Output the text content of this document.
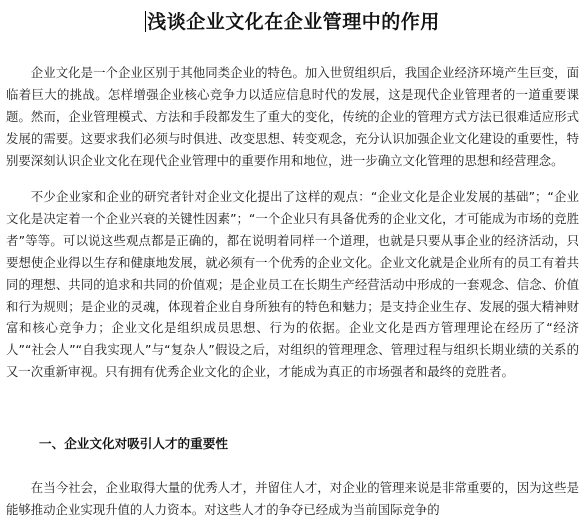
浅谈企业文化在企业管理中的作用

企业文化是一个企业区别于其他同类企业的特色。加入世贸组织后，我国企业经济环境产生巨变，面临着巨大的挑战。怎样增强企业核心竞争力以适应信息时代的发展，这是现代企业管理者的一道重要课题。然而，企业管理模式、方法和手段都发生了重大的变化，传统的企业的管理方式方法已很难适应形式发展的需要。这要求我们必须与时俱进、改变思想、转变观念，充分认识加强企业文化建设的重要性，特别要深刻认识企业文化在现代企业管理中的重要作用和地位，进一步确立文化管理的思想和经营理念。

不少企业家和企业的研究者针对企业文化提出了这样的观点：“企业文化是企业发展的基础”；“企业文化是决定着一个企业兴衰的关键性因素”；“一个企业只有具备优秀的企业文化，才可能成为市场的竞胜者”等等。可以说这些观点都是正确的，都在说明着同样一个道理，也就是只要从事企业的经济活动，只要想使企业得以生存和健康地发展，就必须有一个优秀的企业文化。企业文化就是企业所有的员工有着共同的理想、共同的追求和共同的价值观；是企业员工在长期生产经营活动中形成的一套观念、信念、价值和行为规则；是企业的灵魂，体现着企业自身所独有的特色和魅力；是支持企业生存、发展的强大精神财富和核心竞争力；企业文化是组织成员思想、行为的依据。企业文化是西方管理理论在经历了“经济人”“社会人”“自我实现人”与“复杂人”假设之后，对组织的管理理念、管理过程与组织长期业绩的关系的又一次重新审视。只有拥有优秀企业文化的企业，才能成为真正的市场强者和最终的竞胜者。

一、企业文化对吸引人才的重要性

在当今社会，企业取得大量的优秀人才，并留住人才，对企业的管理来说是非常重要的，因为这些是能够推动企业实现升值的人力资本。对这些人才的争夺已经成为当前国际竞争的
